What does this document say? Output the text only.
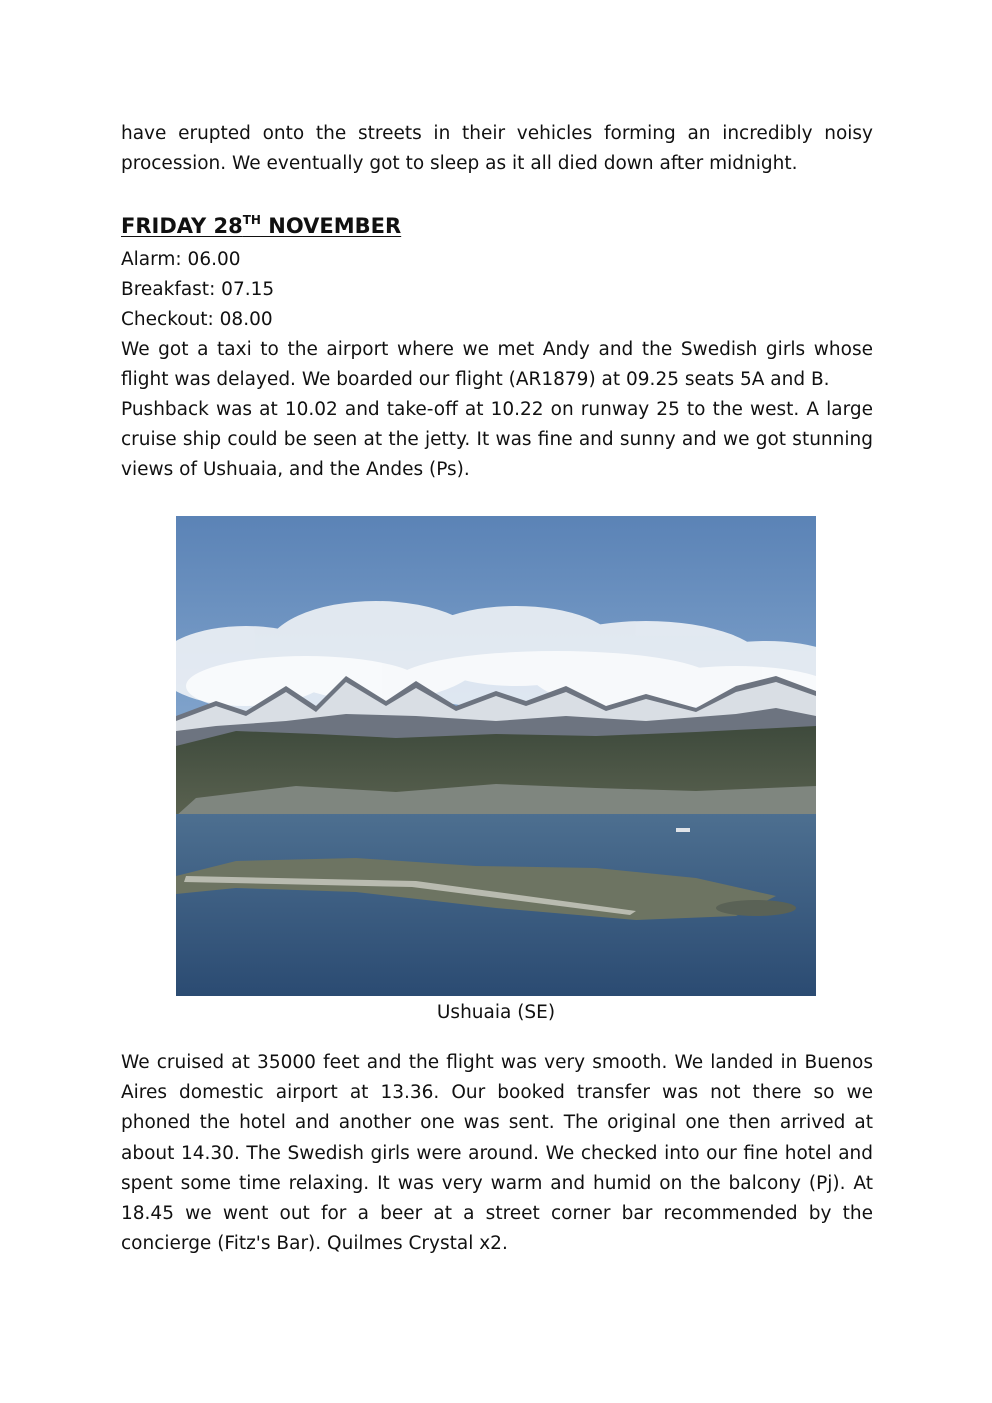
have erupted onto the streets in their vehicles forming an incredibly noisy procession. We eventually got to sleep as it all died down after midnight.

FRIDAY 28TH NOVEMBER

Alarm: 06.00

Breakfast: 07.15

Checkout: 08.00

We got a taxi to the airport where we met Andy and the Swedish girls whose flight was delayed. We boarded our flight (AR1879) at 09.25 seats 5A and B.

Pushback was at 10.02 and take-off at 10.22 on runway 25 to the west. A large cruise ship could be seen at the jetty. It was fine and sunny and we got stunning views of Ushuaia, and the Andes (Ps).

Ushuaia (SE)

We cruised at 35000 feet and the flight was very smooth. We landed in Buenos Aires domestic airport at 13.36. Our booked transfer was not there so we phoned the hotel and another one was sent. The original one then arrived at about 14.30. The Swedish girls were around. We checked into our fine hotel and spent some time relaxing. It was very warm and humid on the balcony (Pj). At 18.45 we went out for a beer at a street corner bar recommended by the concierge (Fitz's Bar). Quilmes Crystal x2.
